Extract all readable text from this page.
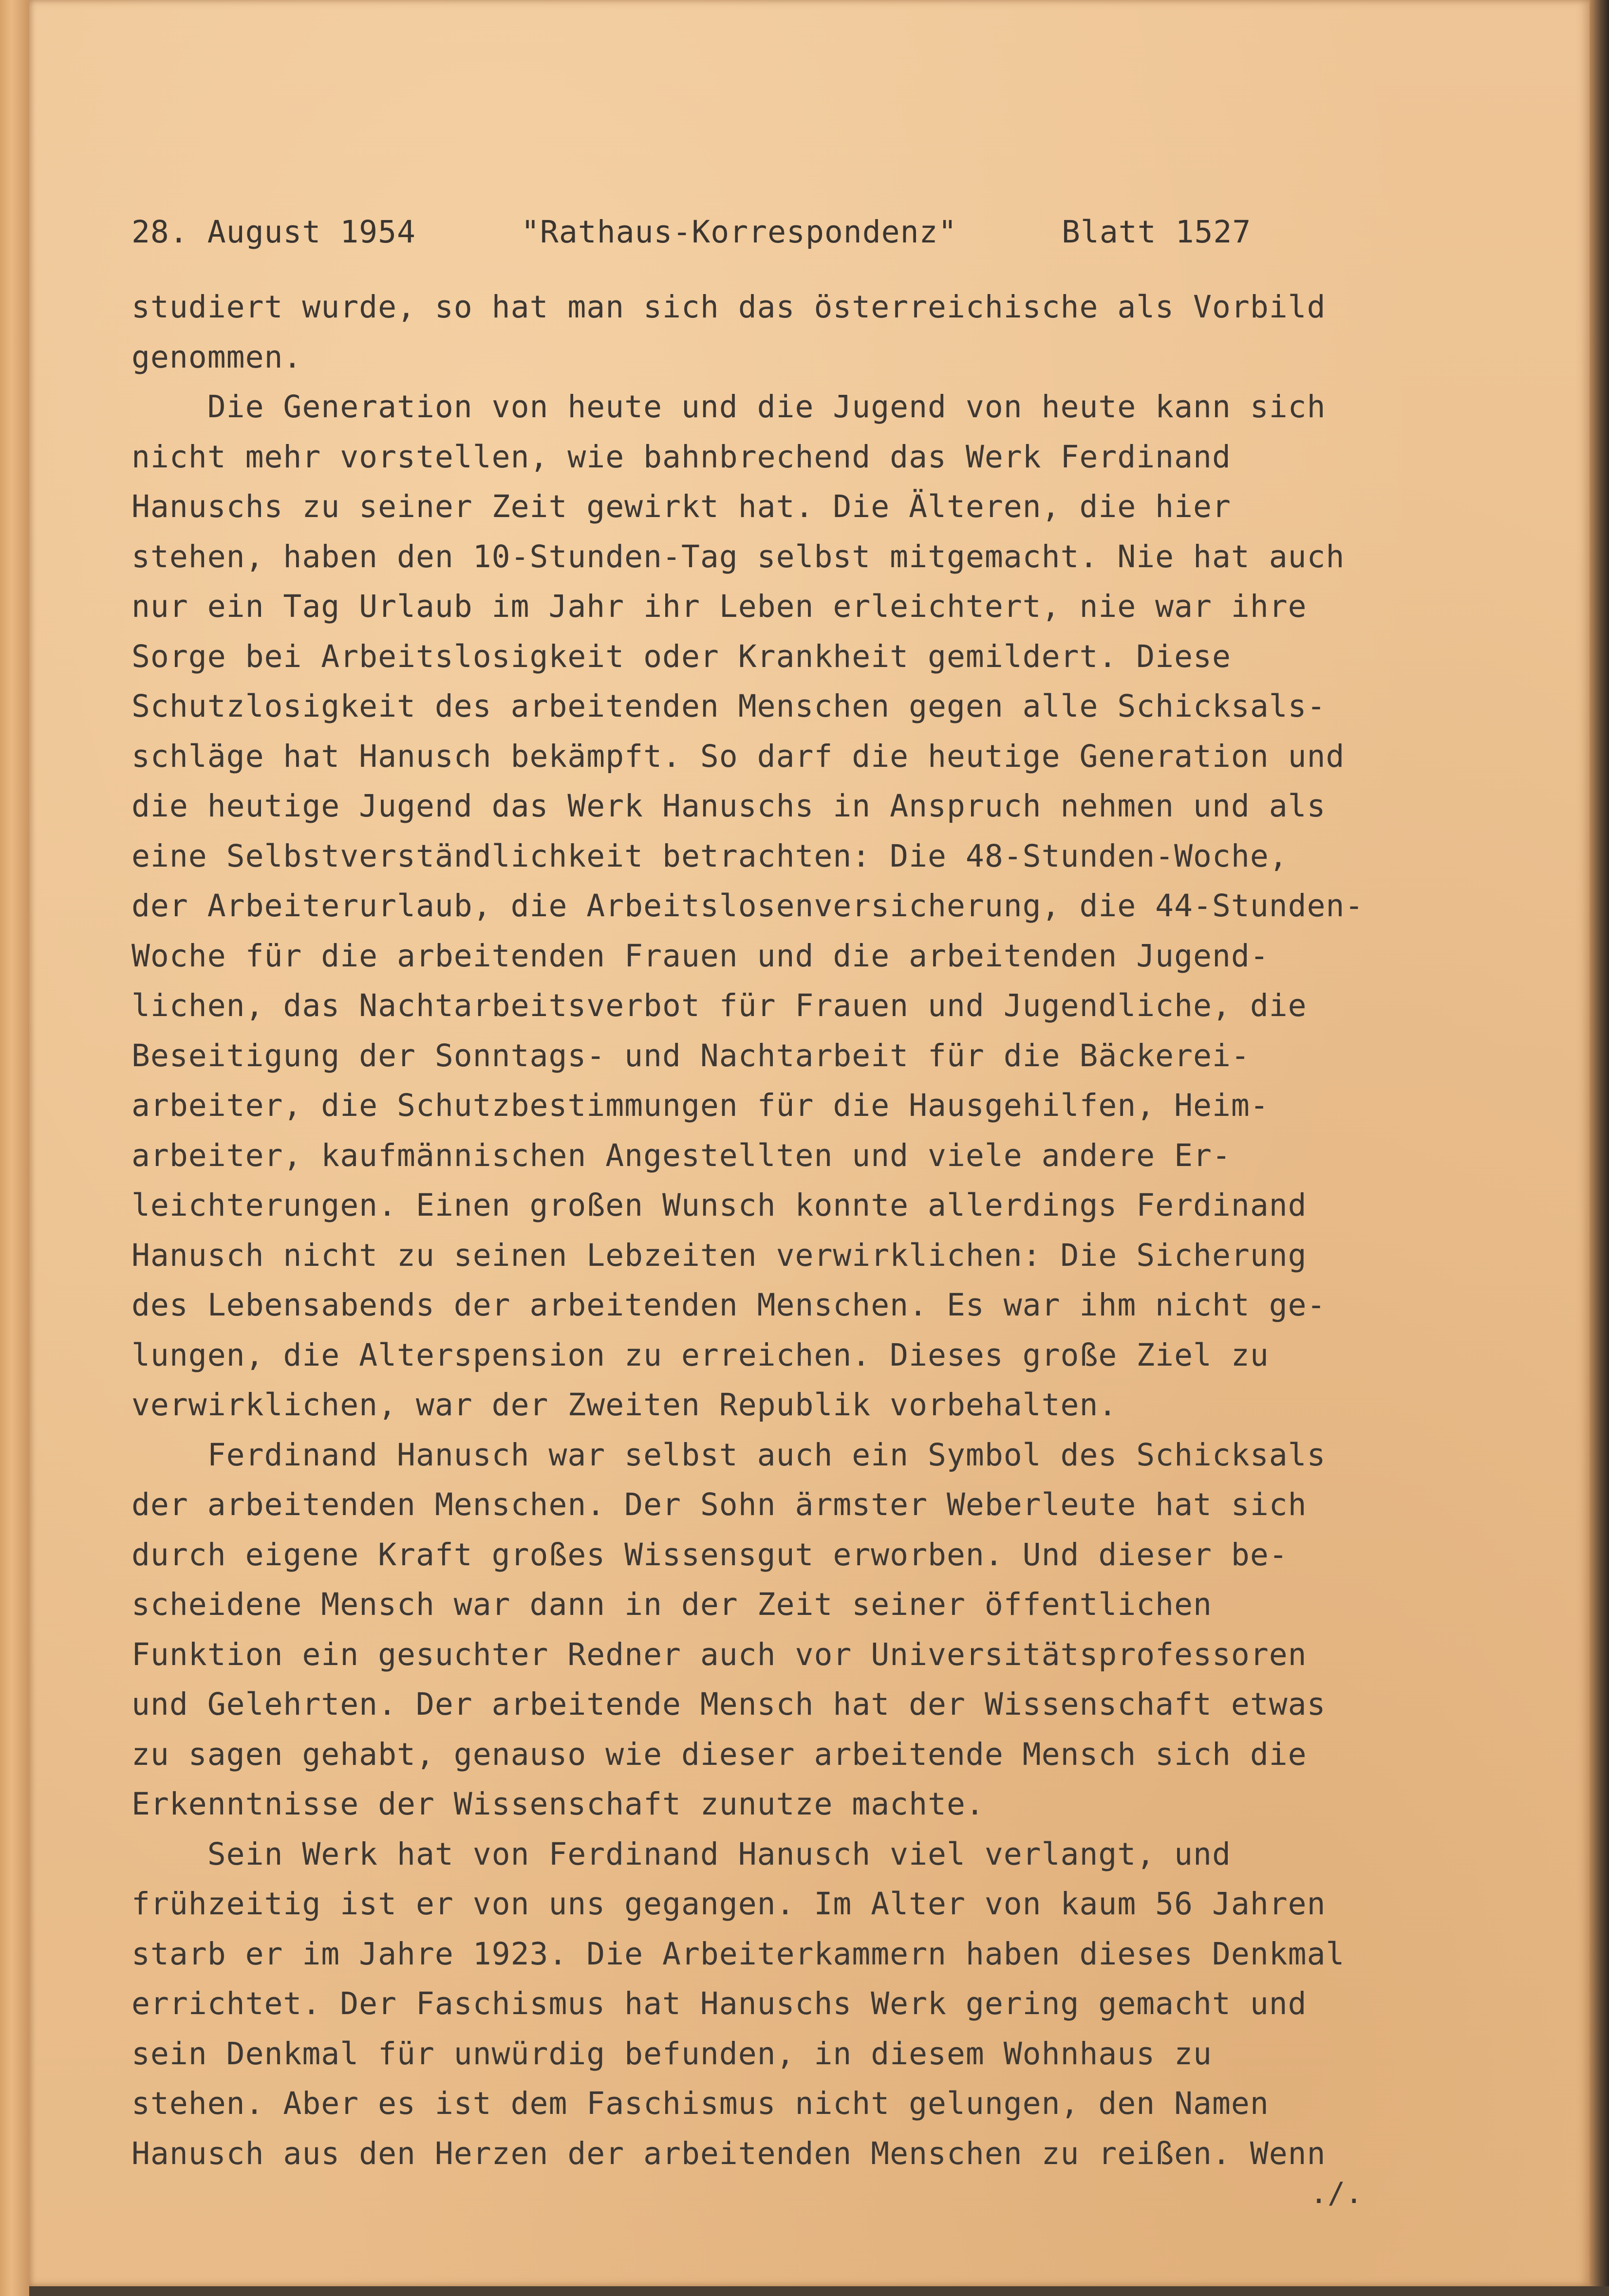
28. August 1954

	"Rathaus-Korrespondenz"

	Blatt 1527

studiert wurde, so hat man sich das österreichische als Vorbild
genommen.
Die Generation von heute und die Jugend von heute kann sich
nicht mehr vorstellen, wie bahnbrechend das Werk Ferdinand
Hanuschs zu seiner Zeit gewirkt hat. Die Älteren, die hier
stehen, haben den 10-Stunden-Tag selbst mitgemacht. Nie hat auch
nur ein Tag Urlaub im Jahr ihr Leben erleichtert, nie war ihre
Sorge bei Arbeitslosigkeit oder Krankheit gemildert. Diese
Schutzlosigkeit des arbeitenden Menschen gegen alle Schicksals-
schläge hat Hanusch bekämpft. So darf die heutige Generation und
die heutige Jugend das Werk Hanuschs in Anspruch nehmen und als
eine Selbstverständlichkeit betrachten: Die 48-Stunden-Woche,
der Arbeiterurlaub, die Arbeitslosenversicherung, die 44-Stunden-
Woche für die arbeitenden Frauen und die arbeitenden Jugend-
lichen, das Nachtarbeitsverbot für Frauen und Jugendliche, die
Beseitigung der Sonntags- und Nachtarbeit für die Bäckerei-
arbeiter, die Schutzbestimmungen für die Hausgehilfen, Heim-
arbeiter, kaufmännischen Angestellten und viele andere Er-
leichterungen. Einen großen Wunsch konnte allerdings Ferdinand
Hanusch nicht zu seinen Lebzeiten verwirklichen: Die Sicherung
des Lebensabends der arbeitenden Menschen. Es war ihm nicht ge-
lungen, die Alterspension zu erreichen. Dieses große Ziel zu
verwirklichen, war der Zweiten Republik vorbehalten.
Ferdinand Hanusch war selbst auch ein Symbol des Schicksals
der arbeitenden Menschen. Der Sohn ärmster Weberleute hat sich
durch eigene Kraft großes Wissensgut erworben. Und dieser be-
scheidene Mensch war dann in der Zeit seiner öffentlichen
Funktion ein gesuchter Redner auch vor Universitätsprofessoren
und Gelehrten. Der arbeitende Mensch hat der Wissenschaft etwas
zu sagen gehabt, genauso wie dieser arbeitende Mensch sich die
Erkenntnisse der Wissenschaft zunutze machte.
Sein Werk hat von Ferdinand Hanusch viel verlangt, und
frühzeitig ist er von uns gegangen. Im Alter von kaum 56 Jahren
starb er im Jahre 1923. Die Arbeiterkammern haben dieses Denkmal
errichtet. Der Faschismus hat Hanuschs Werk gering gemacht und
sein Denkmal für unwürdig befunden, in diesem Wohnhaus zu
stehen. Aber es ist dem Faschismus nicht gelungen, den Namen
Hanusch aus den Herzen der arbeitenden Menschen zu reißen. Wenn
./.
